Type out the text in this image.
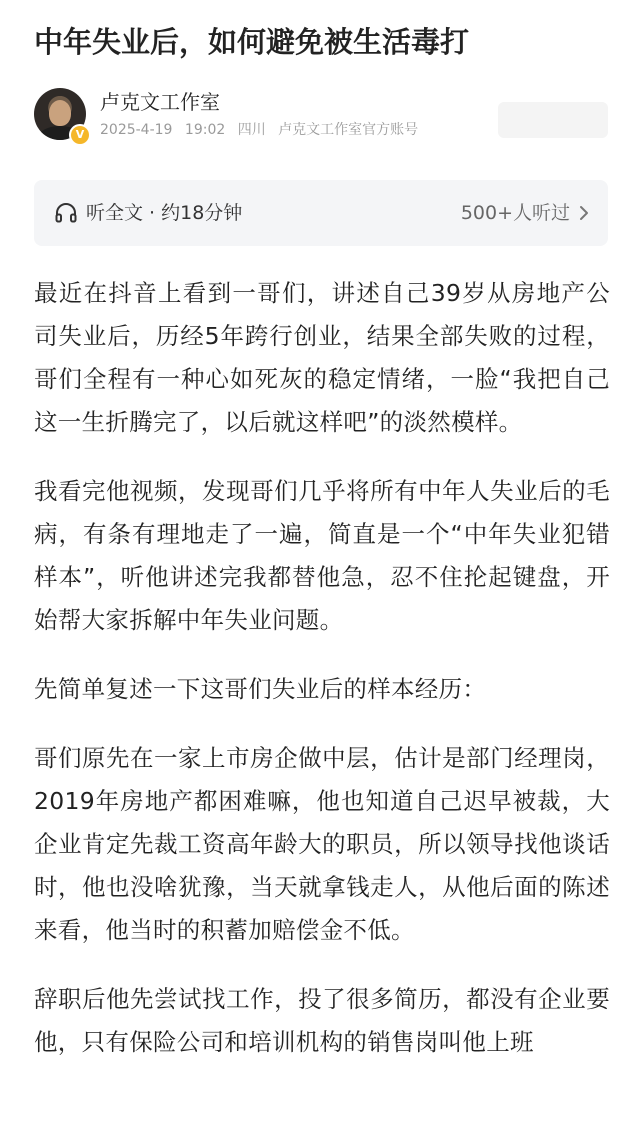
中年失业后，如何避免被生活毒打
V
卢克文工作室
2025-4-19 19:02 四川 卢克文工作室官方账号
听全文 · 约18分钟	500+人听过

最近在抖音上看到一哥们，讲述自己39岁从房地产公司失业后，历经5年跨行创业，结果全部失败的过程，哥们全程有一种心如死灰的稳定情绪，一脸“我把自己这一生折腾完了，以后就这样吧”的淡然模样。

我看完他视频，发现哥们几乎将所有中年人失业后的毛病，有条有理地走了一遍，简直是一个“中年失业犯错样本”，听他讲述完我都替他急，忍不住抡起键盘，开始帮大家拆解中年失业问题。

先简单复述一下这哥们失业后的样本经历：

哥们原先在一家上市房企做中层，估计是部门经理岗，2019年房地产都困难嘛，他也知道自己迟早被裁，大企业肯定先裁工资高年龄大的职员，所以领导找他谈话时，他也没啥犹豫，当天就拿钱走人，从他后面的陈述来看，他当时的积蓄加赔偿金不低。

辞职后他先尝试找工作，投了很多简历，都没有企业要他，只有保险公司和培训机构的销售岗叫他上班
